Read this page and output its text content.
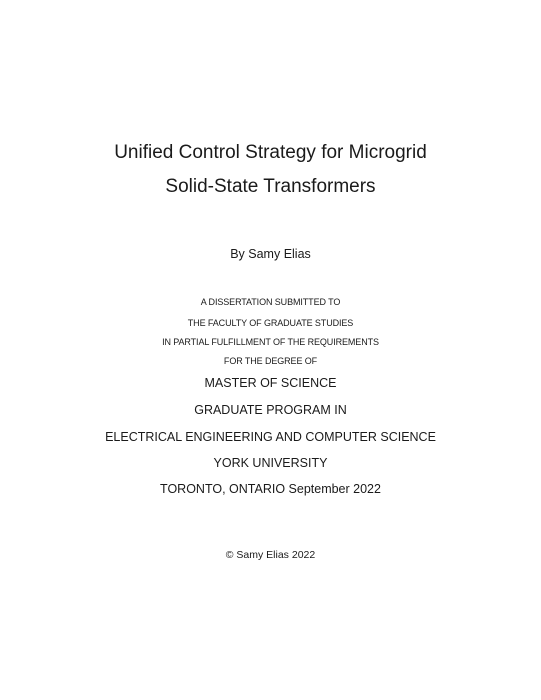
Unified Control Strategy for Microgrid
Solid-State Transformers
By Samy Elias
A DISSERTATION SUBMITTED TO
THE FACULTY OF GRADUATE STUDIES
IN PARTIAL FULFILLMENT OF THE REQUIREMENTS
FOR THE DEGREE OF
MASTER OF SCIENCE
GRADUATE PROGRAM IN
ELECTRICAL ENGINEERING AND COMPUTER SCIENCE
YORK UNIVERSITY
TORONTO, ONTARIO September 2022
© Samy Elias 2022
